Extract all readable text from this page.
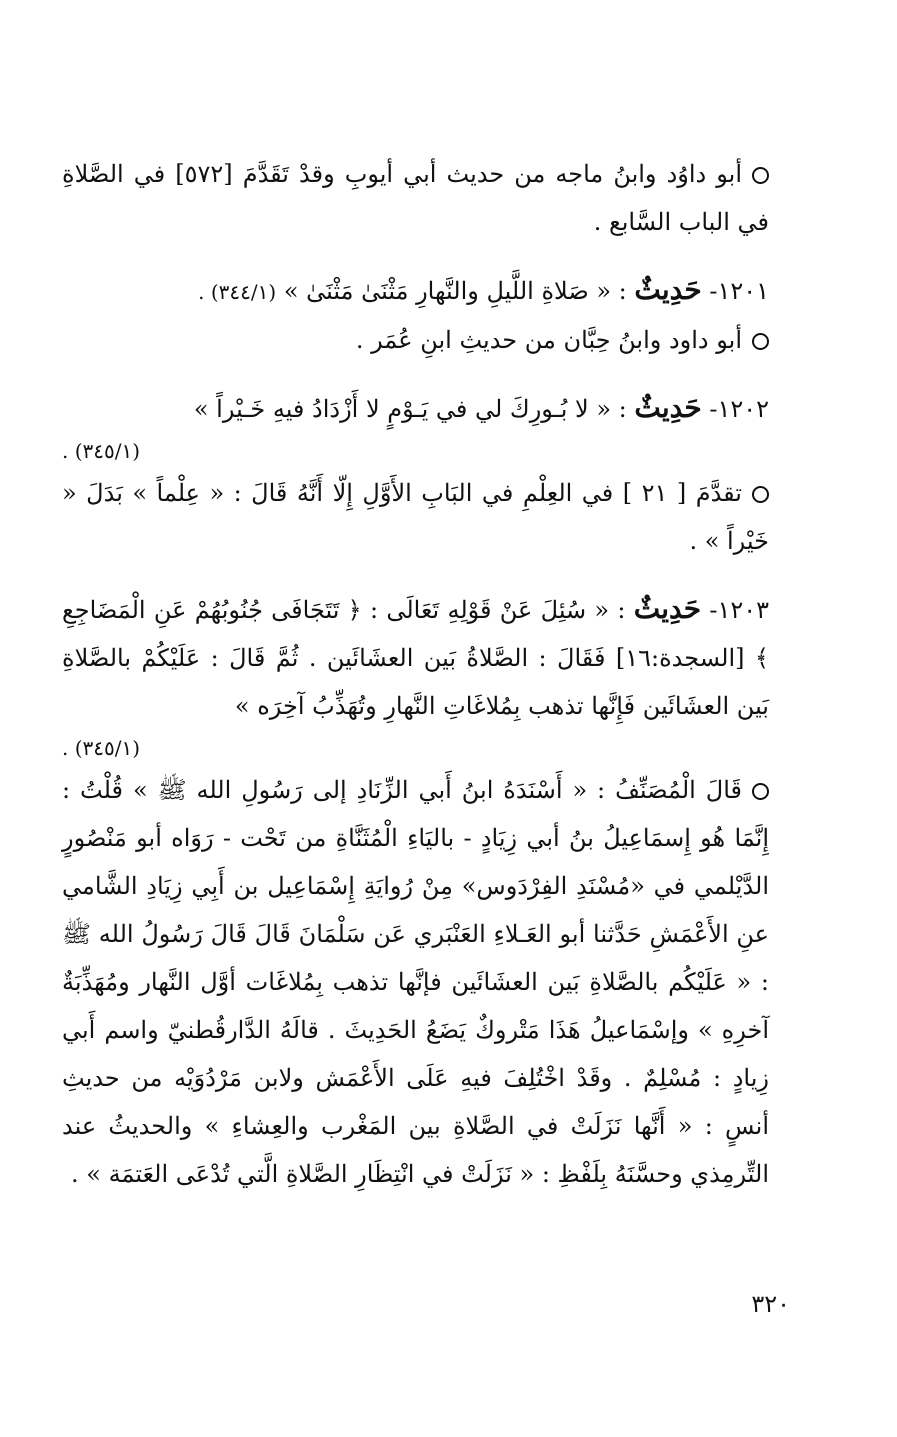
أبو داوُد وابنُ ماجه من حديث أبي أيوبِ وقدْ تَقَدَّمَ [٥٧٢] في الصَّلاةِ في الباب السَّابع .

١٢٠١- حَدِيثٌ : « صَلاةِ اللَّيلِ والنَّهارِ مَثْنَىٰ مَثْنَىٰ » (٣٤٤/١) .

أبو داود وابنُ حِبَّان من حديثِ ابنِ عُمَر .

١٢٠٢- حَدِيثٌ : « لا بُـورِكَ لي في يَـوْمٍ لا أَزْدَادُ فيهِ خَـيْراً »
(٣٤٥/١) .

تقدَّمَ [ ٢١ ] في العِلْمِ في البَابِ الأَوَّلِ إِلّا أَنَّهُ قَالَ : « عِلْماً » بَدَلَ « خَيْراً » .

١٢٠٣- حَدِيثٌ : « سُئِلَ عَنْ قَوْلِهِ تَعَالَى : ﴿ تَتَجَافَى جُنُوبُهُمْ عَنِ الْمَضَاجِعِ ﴾ [السجدة:١٦] فَقَالَ : الصَّلاةُ بَين العشَائَين . ثُمَّ قَالَ : عَلَيْكُمْ بالصَّلاةِ بَين العشَائَين فَإِنَّها تذهب بِمُلاغَاتِ النَّهارِ وتُهَذِّبُ آخِرَه »
(٣٤٥/١) .

قَالَ الْمُصَنِّفُ : « أَسْنَدَهُ ابنُ أَبي الزِّنَادِ إلى رَسُولِ الله ﷺ » قُلْتُ : إِنَّمَا هُو إِسمَاعِيلُ بنُ أبي زِيَادٍ - باليَاءِ الْمُثَنَّاةِ من تَحْت - رَوَاه أبو مَنْصُورٍ الدَّيْلمي في «مُسْنَدِ الفِرْدَوس» مِنْ رُوايَةِ إِسْمَاعِيل بن أَبِي زِيَادِ الشَّامي عنِ الأَعْمَشِ حَدَّثنا أبو العَـلاءِ العَنْبَري عَن سَلْمَانَ قَالَ قَالَ رَسُولُ الله ﷺ : « عَلَيْكُم بالصَّلاةِ بَين العشَائَين فإنَّها تذهب بِمُلاغَات أوَّل النَّهار ومُهَذِّبَةٌ آخرِهِ » وإسْمَاعيلُ هَذَا مَتْروكٌ يَضَعُ الحَدِيثَ . قالَهُ الدَّارقُطنيّ واسم أَبي زِيادٍ : مُسْلِمٌ . وقَدْ اخْتُلِفَ فيهِ عَلَى الأَعْمَش ولابن مَرْدُوَيْه من حديثِ أنسٍ : « أَنَّها نَزَلَتْ في الصَّلاةِ بين المَغْرب والعِشاءِ » والحديثُ عند التِّرمِذي وحسَّنَهُ بِلَفْظِ : « نَزَلَتْ في انْتِظَارِ الصَّلاةِ الَّتي تُدْعَى العَتمَة » .

٣٢٠
